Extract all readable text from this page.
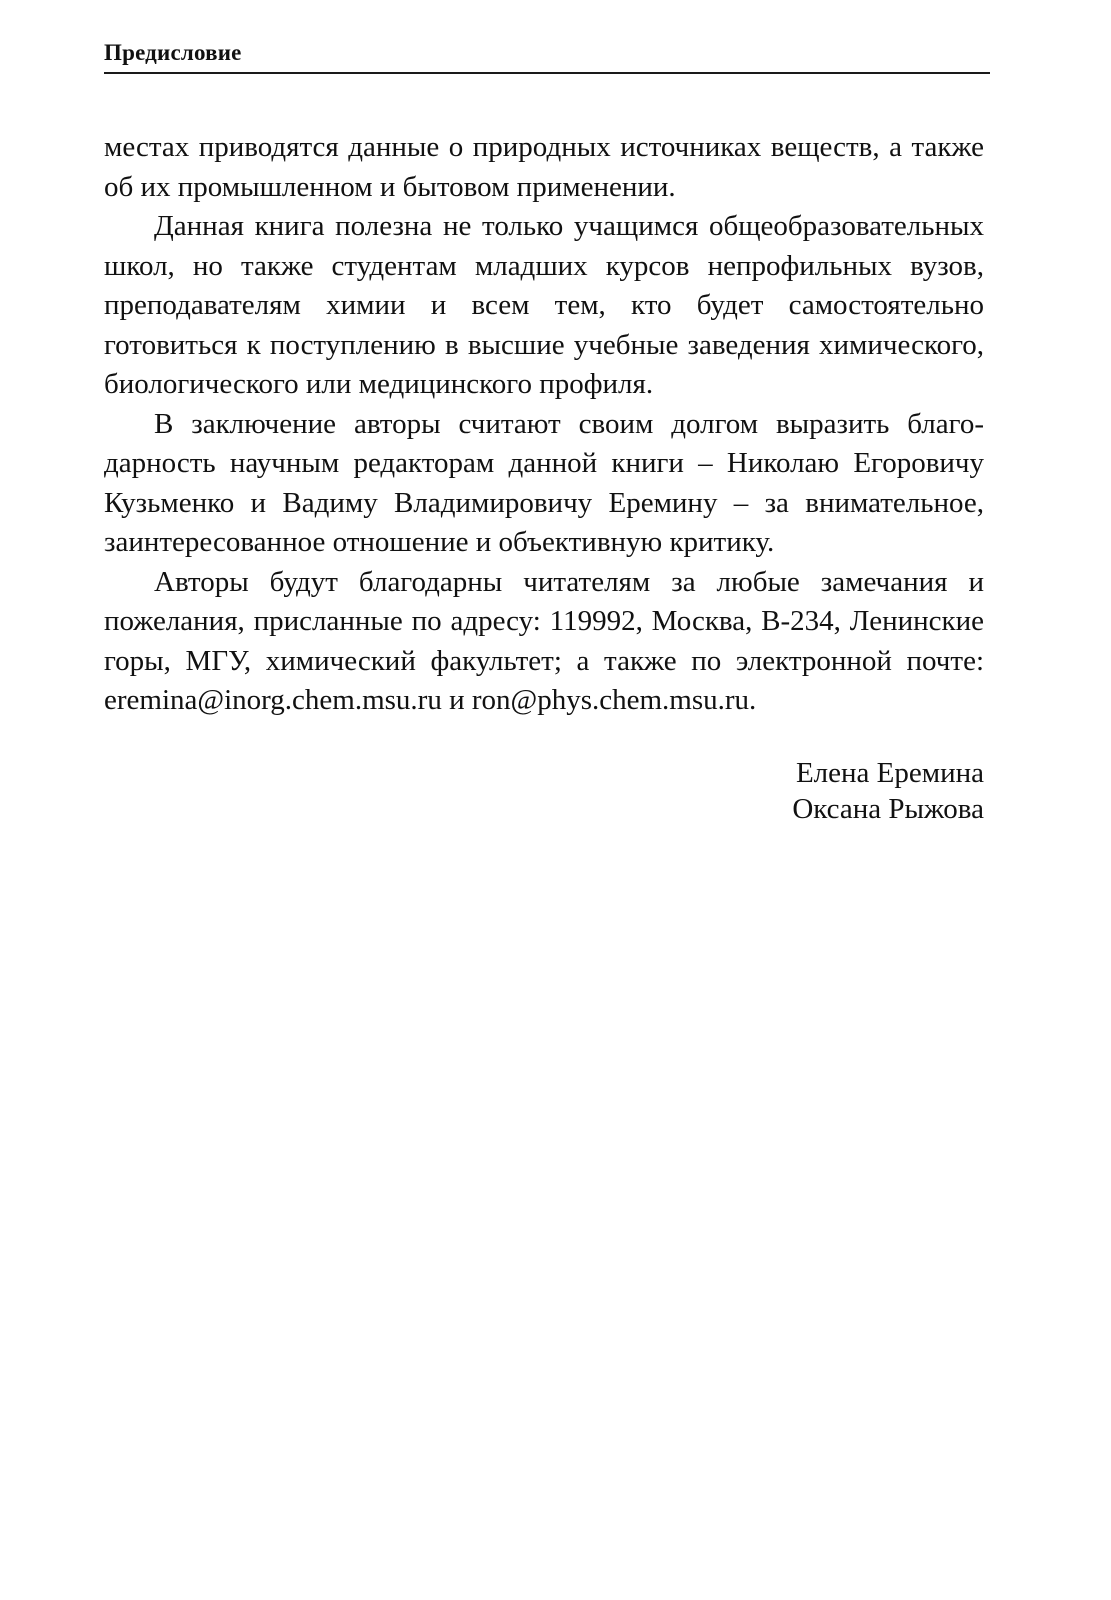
Предисловие

местах приводятся данные о природных источниках веществ, а также об их промышленном и бытовом применении.

Данная книга полезна не только учащимся общеобразовательных школ, но также студентам младших курсов непрофильных вузов, преподавателям химии и всем тем, кто будет самостоятельно готовиться к поступлению в высшие учебные заведения химического, биологического или медицинского профиля.

В заключение авторы считают своим долгом выразить благодарность научным редакторам данной книги – Николаю Егоровичу Кузьменко и Вадиму Владимировичу Еремину – за внимательное, заинтересованное отношение и объективную критику.

Авторы будут благодарны читателям за любые замечания и пожелания, присланные по адресу: 119992, Москва, В-234, Ленинские горы, МГУ, химический факультет; а также по электронной почте: eremina@inorg.chem.msu.ru и ron@phys.chem.msu.ru.

Елена Еремина
Оксана Рыжова
